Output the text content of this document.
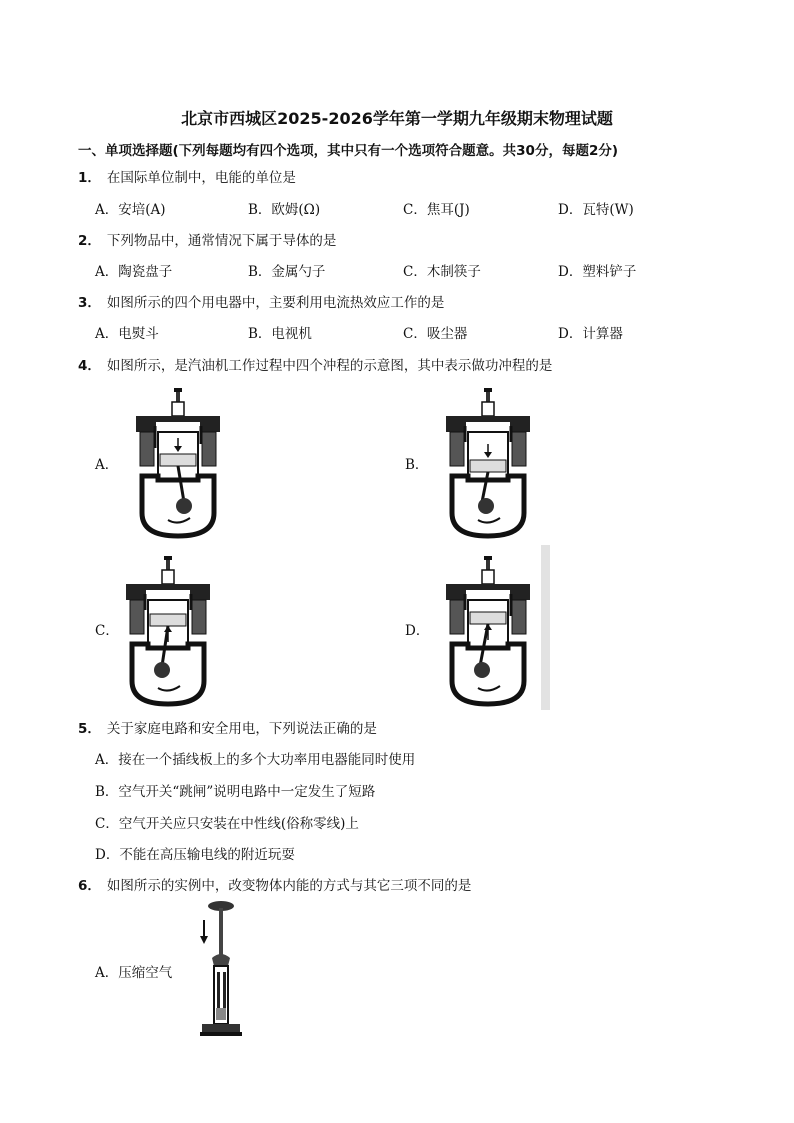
北京市西城区2025-2026学年第一学期九年级期末物理试题
一、单项选择题(下列每题均有四个选项，其中只有一个选项符合题意。共30分，每题2分)
1． 在国际单位制中，电能的单位是
A．安培(A)	B．欧姆(Ω)	C．焦耳(J)	D．瓦特(W)
2． 下列物品中，通常情况下属于导体的是
A．陶瓷盘子	B．金属勺子	C．木制筷子	D．塑料铲子
3． 如图所示的四个用电器中，主要利用电流热效应工作的是
A．电熨斗	B．电视机	C．吸尘器	D．计算器
4． 如图所示，是汽油机工作过程中四个冲程的示意图，其中表示做功冲程的是
A．	B．
C．	D．
5． 关于家庭电路和安全用电，下列说法正确的是
A．接在一个插线板上的多个大功率用电器能同时使用
B．空气开关“跳闸”说明电路中一定发生了短路
C．空气开关应只安装在中性线(俗称零线)上
D．不能在高压输电线的附近玩耍
6． 如图所示的实例中，改变物体内能的方式与其它三项不同的是
A．压缩空气
